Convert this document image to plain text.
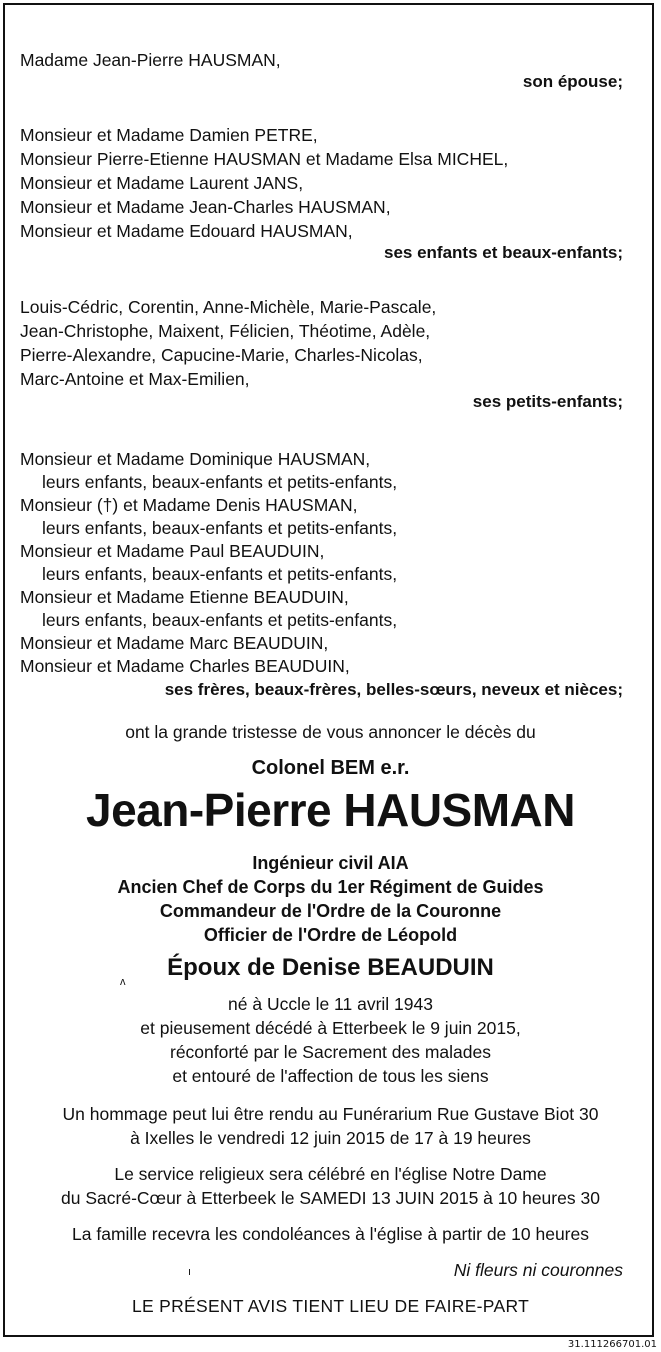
Madame Jean-Pierre HAUSMAN,
son épouse;
Monsieur et Madame Damien PETRE,
Monsieur Pierre-Etienne HAUSMAN et Madame Elsa MICHEL,
Monsieur et Madame Laurent JANS,
Monsieur et Madame Jean-Charles HAUSMAN,
Monsieur et Madame Edouard HAUSMAN,
ses enfants et beaux-enfants;
Louis-Cédric, Corentin, Anne-Michèle, Marie-Pascale,
Jean-Christophe, Maixent, Félicien, Théotime, Adèle,
Pierre-Alexandre, Capucine-Marie, Charles-Nicolas,
Marc-Antoine et Max-Emilien,
ses petits-enfants;
Monsieur et Madame Dominique HAUSMAN,
leurs enfants, beaux-enfants et petits-enfants,
Monsieur (†) et Madame Denis HAUSMAN,
leurs enfants, beaux-enfants et petits-enfants,
Monsieur et Madame Paul BEAUDUIN,
leurs enfants, beaux-enfants et petits-enfants,
Monsieur et Madame Etienne BEAUDUIN,
leurs enfants, beaux-enfants et petits-enfants,
Monsieur et Madame Marc BEAUDUIN,
Monsieur et Madame Charles BEAUDUIN,
ses frères, beaux-frères, belles-sœurs, neveux et nièces;
ont la grande tristesse de vous annoncer le décès du
Colonel BEM e.r.
Jean-Pierre HAUSMAN
Ingénieur civil AIA
Ancien Chef de Corps du 1er Régiment de Guides
Commandeur de l'Ordre de la Couronne
Officier de l'Ordre de Léopold
Époux de Denise BEAUDUIN
né à Uccle le 11 avril 1943
et pieusement décédé à Etterbeek le 9 juin 2015,
réconforté par le Sacrement des malades
et entouré de l'affection de tous les siens
Un hommage peut lui être rendu au Funérarium Rue Gustave Biot 30
à Ixelles le vendredi 12 juin 2015 de 17 à 19 heures
Le service religieux sera célébré en l'église Notre Dame
du Sacré-Cœur à Etterbeek le SAMEDI 13 JUIN 2015 à 10 heures 30
La famille recevra les condoléances à l'église à partir de 10 heures
Ni fleurs ni couronnes
ı
ʌ
LE PRÉSENT AVIS TIENT LIEU DE FAIRE-PART
31.111266701.01
